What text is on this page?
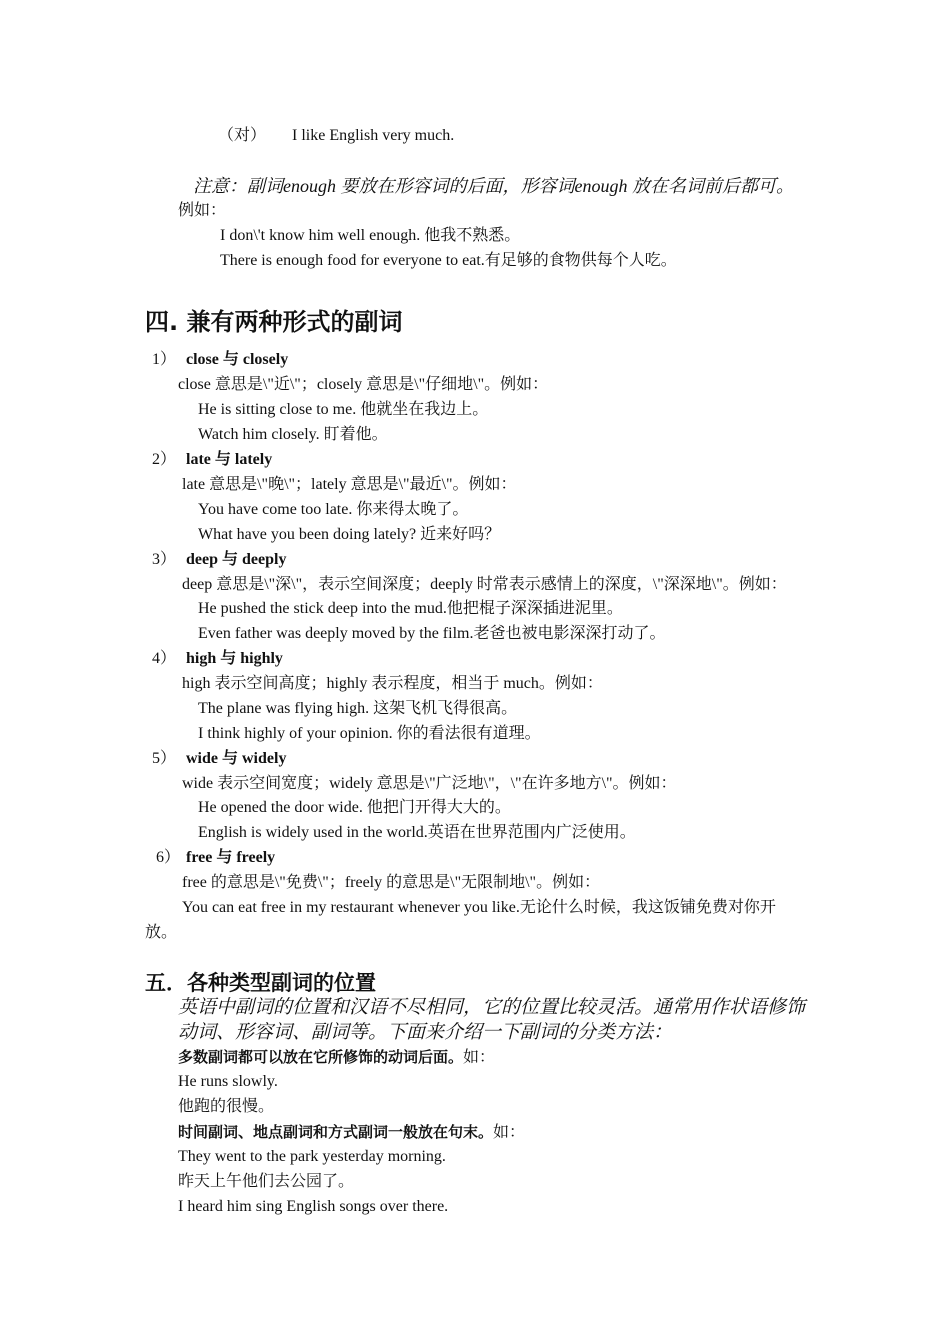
（对） I like English very much.
注意：副词enough 要放在形容词的后面，形容词enough 放在名词前后都可。
例如：
I don\'t know him well enough. 他我不熟悉。
There is enough food for everyone to eat.有足够的食物供每个人吃。
四. 兼有两种形式的副词
1） close 与 closely
close 意思是\"近\"；closely 意思是\"仔细地\"。例如：
He is sitting close to me. 他就坐在我边上。
Watch him closely. 盯着他。
2） late 与 lately
late 意思是\"晚\"；lately 意思是\"最近\"。例如：
You have come too late. 你来得太晚了。
What have you been doing lately? 近来好吗？
3） deep 与 deeply
deep 意思是\"深\"，表示空间深度；deeply 时常表示感情上的深度，\"深深地\"。例如：
He pushed the stick deep into the mud.他把棍子深深插进泥里。
Even father was deeply moved by the film.老爸也被电影深深打动了。
4） high 与 highly
high 表示空间高度；highly 表示程度，相当于 much。例如：
The plane was flying high. 这架飞机飞得很高。
I think highly of your opinion. 你的看法很有道理。
5） wide 与 widely
wide 表示空间宽度；widely 意思是\"广泛地\"，\"在许多地方\"。例如：
He opened the door wide. 他把门开得大大的。
English is widely used in the world.英语在世界范围内广泛使用。
6） free 与 freely
free 的意思是\"免费\"；freely 的意思是\"无限制地\"。例如：
You can eat free in my restaurant whenever you like.无论什么时候，我这饭铺免费对你开
放。
五．各种类型副词的位置
英语中副词的位置和汉语不尽相同，它的位置比较灵活。通常用作状语修饰
动词、形容词、副词等。下面来介绍一下副词的分类方法：
多数副词都可以放在它所修饰的动词后面。如：
He runs slowly.
他跑的很慢。
时间副词、地点副词和方式副词一般放在句末。如：
They went to the park yesterday morning.
昨天上午他们去公园了。
I heard him sing English songs over there.
